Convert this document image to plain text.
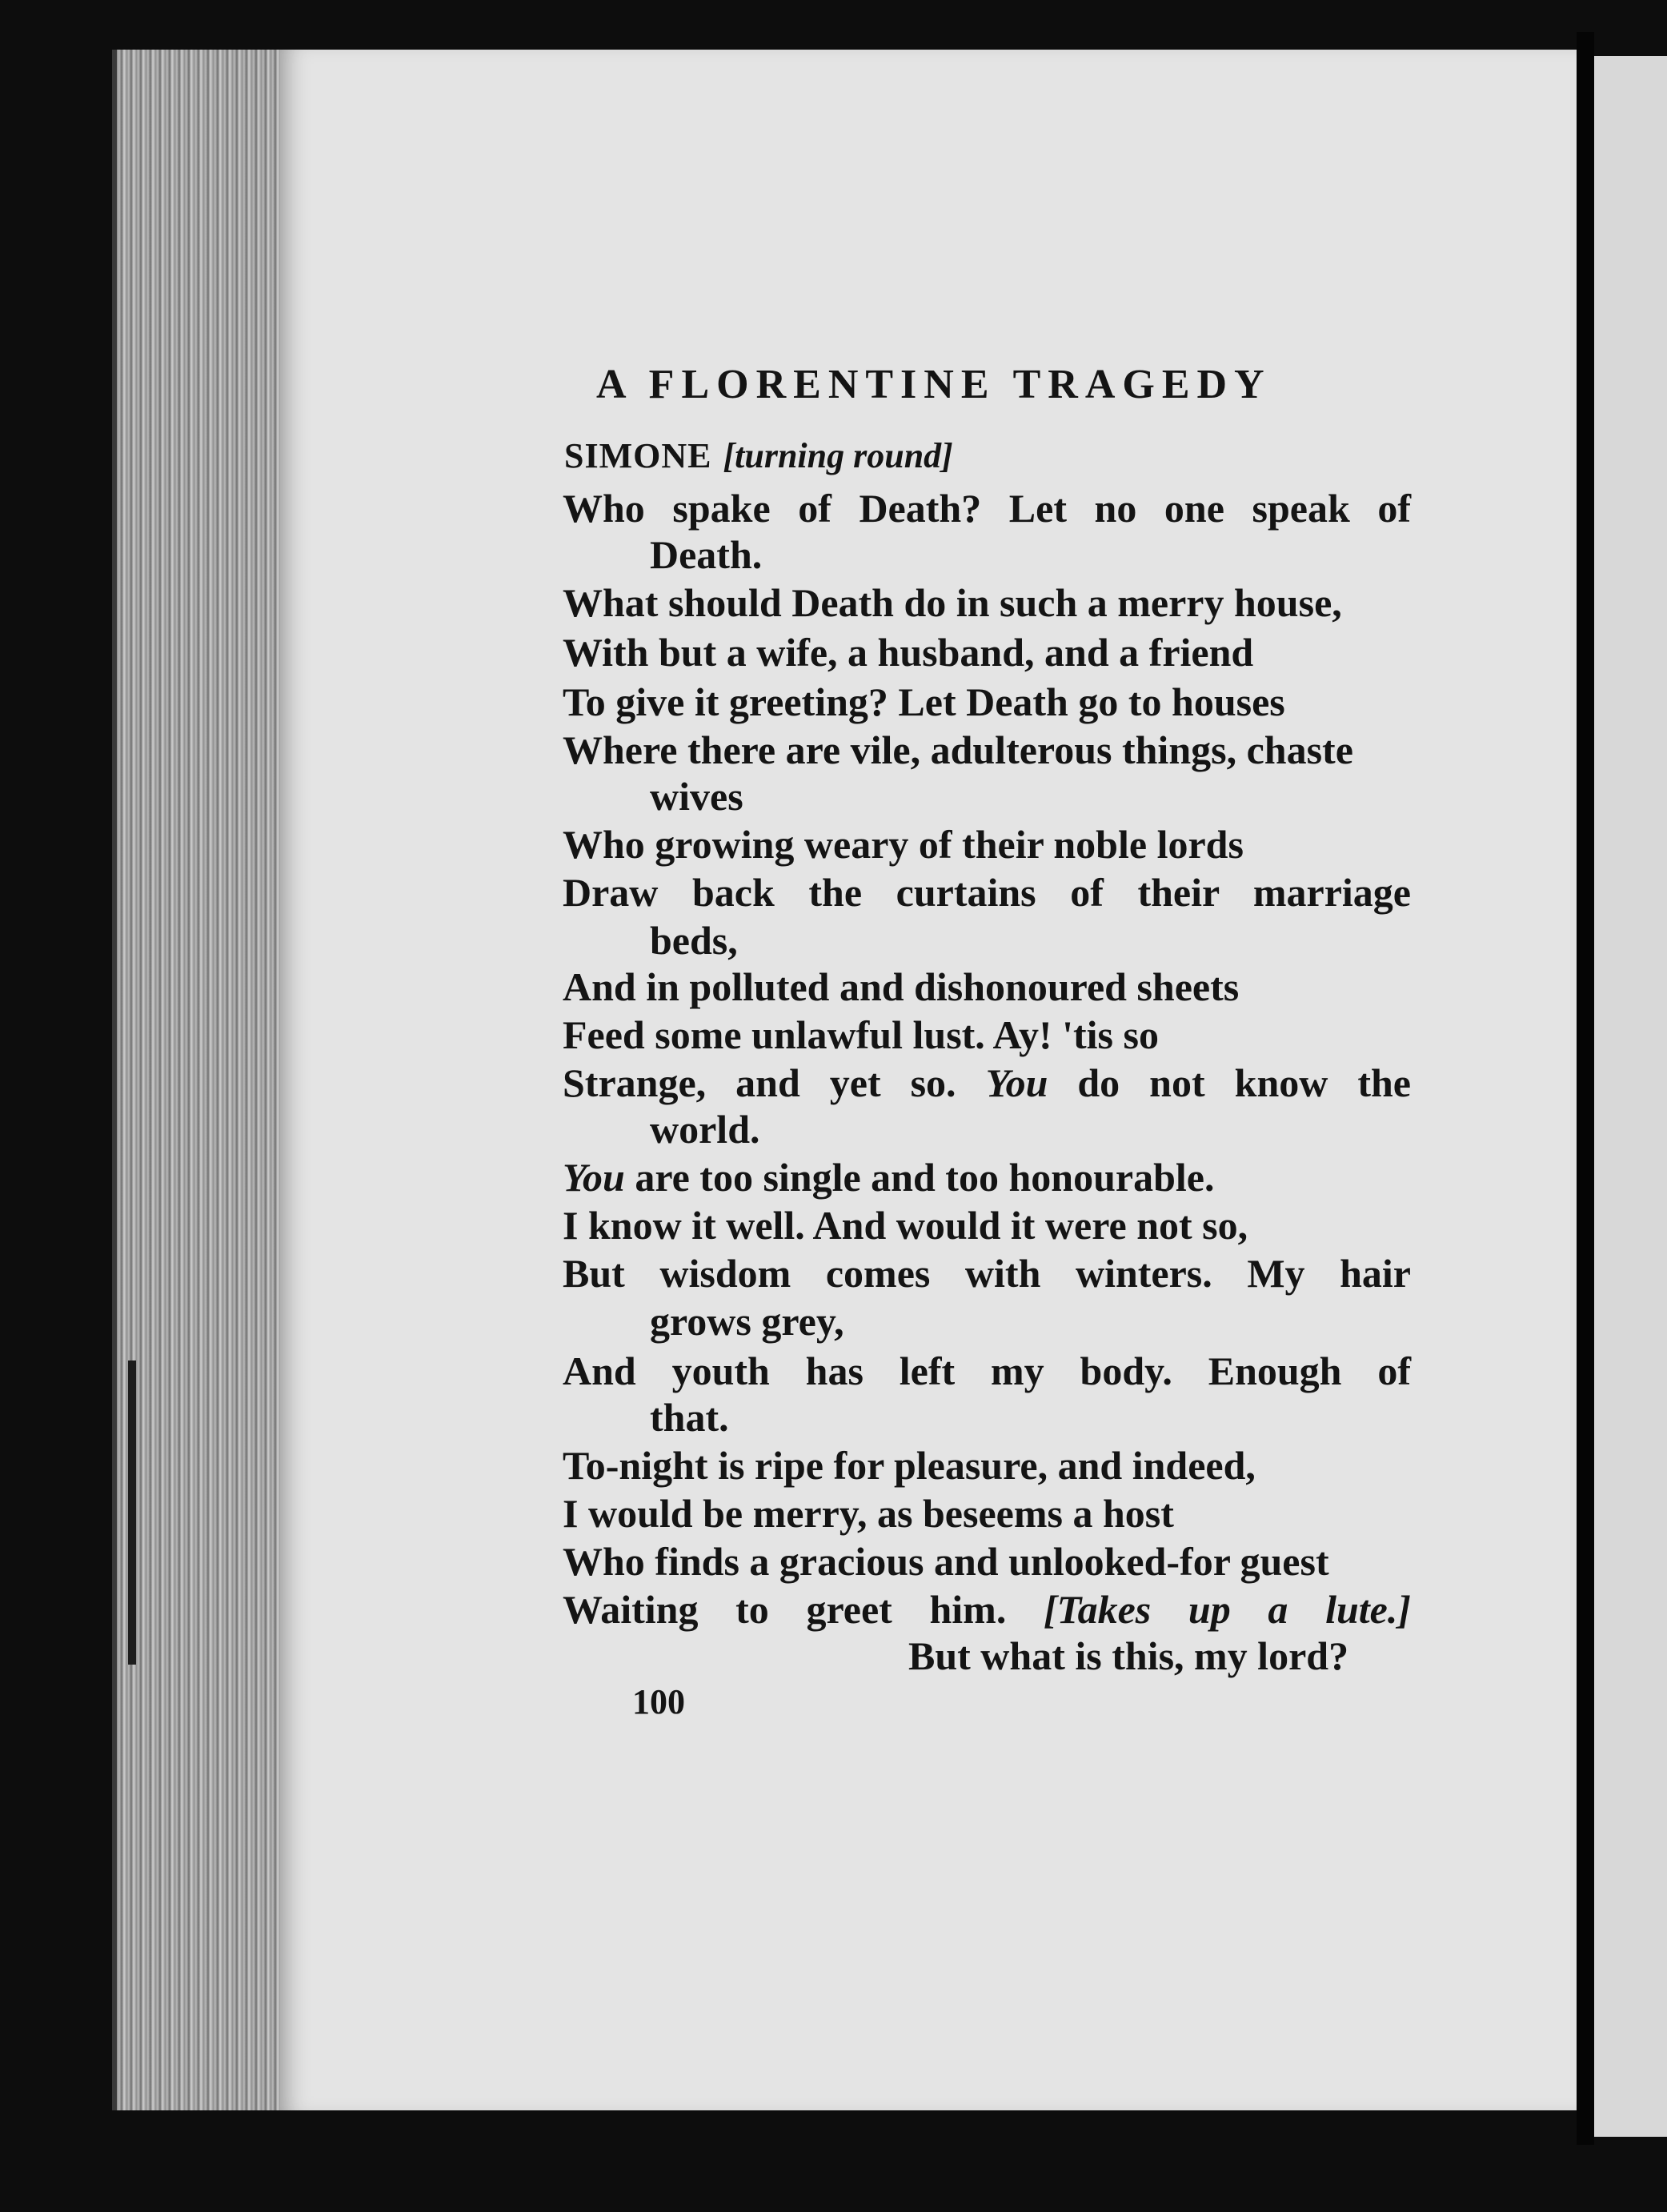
A FLORENTINE TRAGEDY
SIMONE [turning round]
Who spake of Death? Let no one speak of
Death.
What should Death do in such a merry house,
With but a wife, a husband, and a friend
To give it greeting? Let Death go to houses
Where there are vile, adulterous things, chaste
wives
Who growing weary of their noble lords
Draw back the curtains of their marriage
beds,
And in polluted and dishonoured sheets
Feed some unlawful lust. Ay! 'tis so
Strange, and yet so. You do not know the
world.
You are too single and too honourable.
I know it well. And would it were not so,
But wisdom comes with winters. My hair
grows grey,
And youth has left my body. Enough of
that.
To-night is ripe for pleasure, and indeed,
I would be merry, as beseems a host
Who finds a gracious and unlooked-for guest
Waiting to greet him. [Takes up a lute.]
But what is this, my lord?
100
